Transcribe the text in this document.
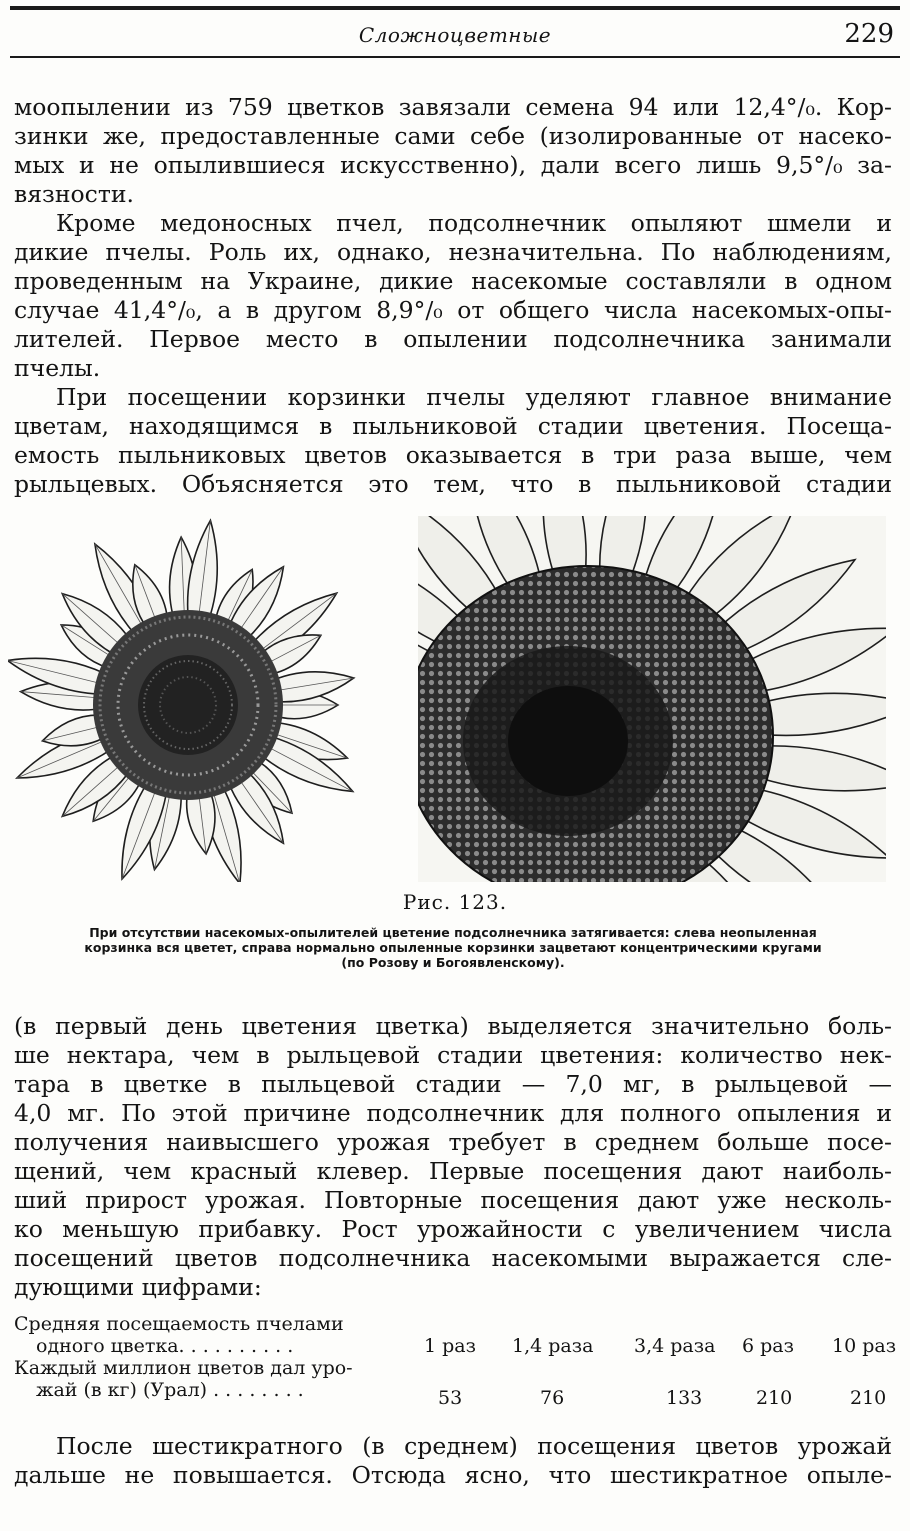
Сложноцветные	229
моопылении из 759 цветков завязали семена 94 или 12,4°/₀. Кор-
зинки же, предоставленные сами себе (изолированные от насеко-
мых и не опылившиеся искусственно), дали всего лишь 9,5°/₀ за-
вязности.
Кроме медоносных пчел, подсолнечник опыляют шмели и
дикие пчелы. Роль их, однако, незначительна. По наблюдениям,
проведенным на Украине, дикие насекомые составляли в одном
случае 41,4°/₀, а в другом 8,9°/₀ от общего числа насекомых-опы-
лителей. Первое место в опылении подсолнечника занимали
пчелы.
При посещении корзинки пчелы уделяют главное внимание
цветам, находящимся в пыльниковой стадии цветения. Посеща-
емость пыльниковых цветов оказывается в три раза выше, чем
рыльцевых. Объясняется это тем, что в пыльниковой стадии
Рис. 123.
При отсутствии насекомых-опылителей цветение подсолнечника затягивается: слева неопыленная
корзинка вся цветет, справа нормально опыленные корзинки зацветают концентрическими кругами
(по Розову и Богоявленскому).
(в первый день цветения цветка) выделяется значительно боль-
ше нектара, чем в рыльцевой стадии цветения: количество нек-
тара в цветке в пыльцевой стадии — 7,0 мг, в рыльцевой —
4,0 мг. По этой причине подсолнечник для полного опыления и
получения наивысшего урожая требует в среднем больше посе-
щений, чем красный клевер. Первые посещения дают наиболь-
ший прирост урожая. Повторные посещения дают уже несколь-
ко меньшую прибавку. Рост урожайности с увеличением числа
посещений цветов подсолнечника насекомыми выражается сле-
дующими цифрами:
Средняя посещаемость пчелами
одного цветка. . . . . . . . . .	1 раз 1,4 раза 3,4 раза 6 раз 10 раз
Каждый миллион цветов дал уро-
жай (в кг) (Урал) . . . . . . . .	53	76	133	210	210
После шестикратного (в среднем) посещения цветов урожай
дальше не повышается. Отсюда ясно, что шестикратное опыле-
